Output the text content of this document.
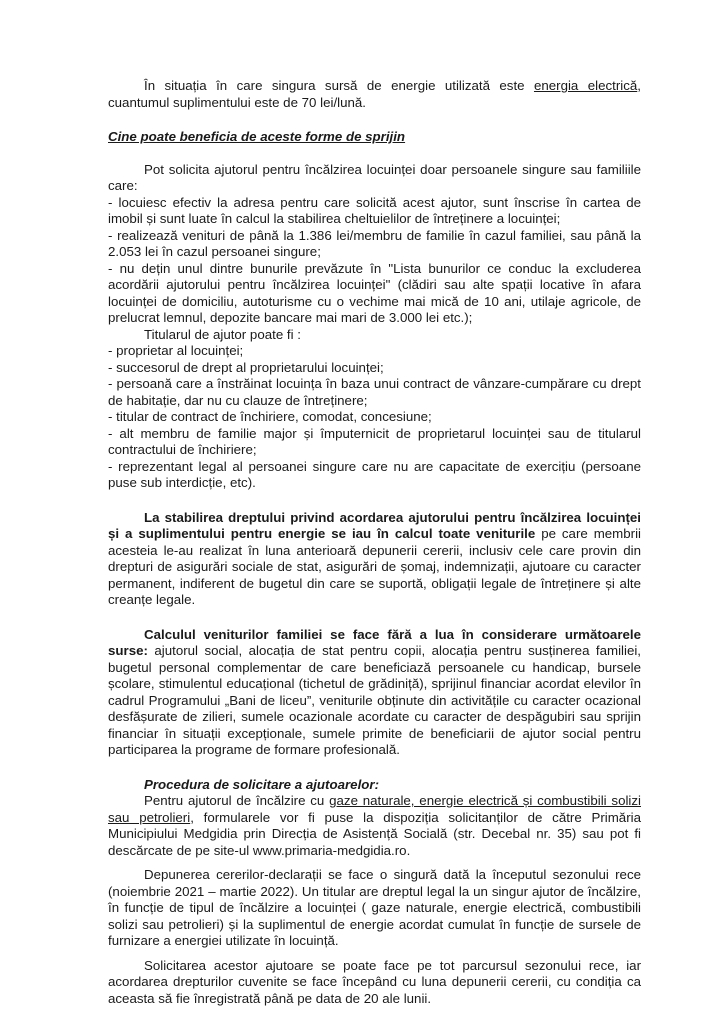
În situația în care singura sursă de energie utilizată este energia electrică, cuantumul suplimentului este de 70 lei/lună.

Cine poate beneficia de aceste forme de sprijin

Pot solicita ajutorul pentru încălzirea locuinței doar persoanele singure sau familiile care:

- locuiesc efectiv la adresa pentru care solicită acest ajutor, sunt înscrise în cartea de imobil și sunt luate în calcul la stabilirea cheltuielilor de întreținere a locuinței;

- realizează venituri de până la 1.386 lei/membru de familie în cazul familiei, sau până la 2.053 lei în cazul persoanei singure;

- nu dețin unul dintre bunurile prevăzute în "Lista bunurilor ce conduc la excluderea acordării ajutorului pentru încălzirea locuinței" (clădiri sau alte spații locative în afara locuinței de domiciliu, autoturisme cu o vechime mai mică de 10 ani, utilaje agricole, de prelucrat lemnul, depozite bancare mai mari de 3.000 lei etc.);

Titularul de ajutor poate fi :

- proprietar al locuinței;

- succesorul de drept al proprietarului locuinței;

- persoană care a înstrăinat locuința în baza unui contract de vânzare-cumpărare cu drept de habitație, dar nu cu clauze de întreținere;

- titular de contract de închiriere, comodat, concesiune;

- alt membru de familie major și împuternicit de proprietarul locuinței sau de titularul contractului de închiriere;

- reprezentant legal al persoanei singure care nu are capacitate de exercițiu (persoane puse sub interdicție, etc).

La stabilirea dreptului privind acordarea ajutorului pentru încălzirea locuinței și a suplimentului pentru energie se iau în calcul toate veniturile pe care membrii acesteia le-au realizat în luna anterioară depunerii cererii, inclusiv cele care provin din drepturi de asigurări sociale de stat, asigurări de șomaj, indemnizații, ajutoare cu caracter permanent, indiferent de bugetul din care se suportă, obligații legale de întreținere și alte creanțe legale.

Calculul veniturilor familiei se face fără a lua în considerare următoarele surse: ajutorul social, alocația de stat pentru copii, alocația pentru susținerea familiei, bugetul personal complementar de care beneficiază persoanele cu handicap, bursele școlare, stimulentul educațional (tichetul de grădiniță), sprijinul financiar acordat elevilor în cadrul Programului „Bani de liceu”, veniturile obținute din activitățile cu caracter ocazional desfășurate de zilieri, sumele ocazionale acordate cu caracter de despăgubiri sau sprijin financiar în situații excepționale, sumele primite de beneficiarii de ajutor social pentru participarea la programe de formare profesională.

Procedura de solicitare a ajutoarelor:

Pentru ajutorul de încălzire cu gaze naturale, energie electrică și combustibili solizi sau petrolieri, formularele vor fi puse la dispoziția solicitanților de către Primăria Municipiului Medgidia prin Direcția de Asistență Socială (str. Decebal nr. 35) sau pot fi descărcate de pe site-ul www.primaria-medgidia.ro.

Depunerea cererilor-declarații se face o singură dată la începutul sezonului rece (noiembrie 2021 – martie 2022). Un titular are dreptul legal la un singur ajutor de încălzire, în funcție de tipul de încălzire a locuinței ( gaze naturale, energie electrică, combustibili solizi sau petrolieri) și la suplimentul de energie acordat cumulat în funcție de sursele de furnizare a energiei utilizate în locuință.

Solicitarea acestor ajutoare se poate face pe tot parcursul sezonului rece, iar acordarea drepturilor cuvenite se face începând cu luna depunerii cererii, cu condiția ca aceasta să fie înregistrată până pe data de 20 ale lunii.
